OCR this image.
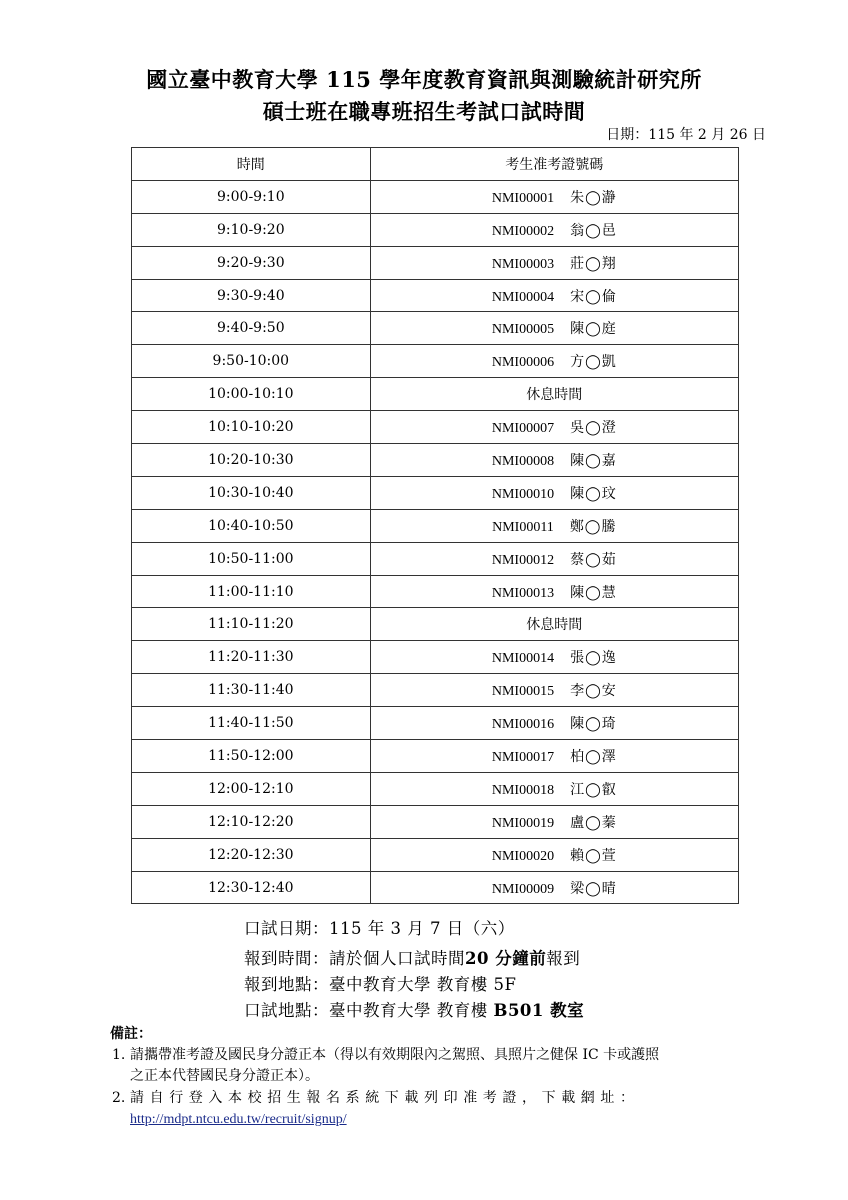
國立臺中教育大學 115 學年度教育資訊與測驗統計研究所
碩士班在職專班招生考試口試時間
日期：115 年 2 月 26 日
時間	考生准考證號碼
9:00-9:10	NMI00001 朱◯瀞
9:10-9:20	NMI00002 翁◯邑
9:20-9:30	NMI00003 莊◯翔
9:30-9:40	NMI00004 宋◯倫
9:40-9:50	NMI00005 陳◯庭
9:50-10:00	NMI00006 方◯凱
10:00-10:10	休息時間
10:10-10:20	NMI00007 吳◯澄
10:20-10:30	NMI00008 陳◯嘉
10:30-10:40	NMI00010 陳◯玟
10:40-10:50	NMI00011 鄭◯騰
10:50-11:00	NMI00012 蔡◯茹
11:00-11:10	NMI00013 陳◯慧
11:10-11:20	休息時間
11:20-11:30	NMI00014 張◯逸
11:30-11:40	NMI00015 李◯安
11:40-11:50	NMI00016 陳◯琦
11:50-12:00	NMI00017 柏◯澤
12:00-12:10	NMI00018 江◯叡
12:10-12:20	NMI00019 盧◯蓁
12:20-12:30	NMI00020 賴◯萱
12:30-12:40	NMI00009 梁◯晴
口試日期：115 年 3 月 7 日（六）
報到時間：請於個人口試時間20 分鐘前報到
報到地點：臺中教育大學 教育樓 5F
口試地點：臺中教育大學 教育樓 B501 教室
備註：
1. 請攜帶准考證及國民身分證正本（得以有效期限內之駕照、具照片之健保 IC 卡或護照
之正本代替國民身分證正本）。
2. 請自行登入本校招生報名系統下載列印准考證，下載網址：
http://mdpt.ntcu.edu.tw/recruit/signup/
